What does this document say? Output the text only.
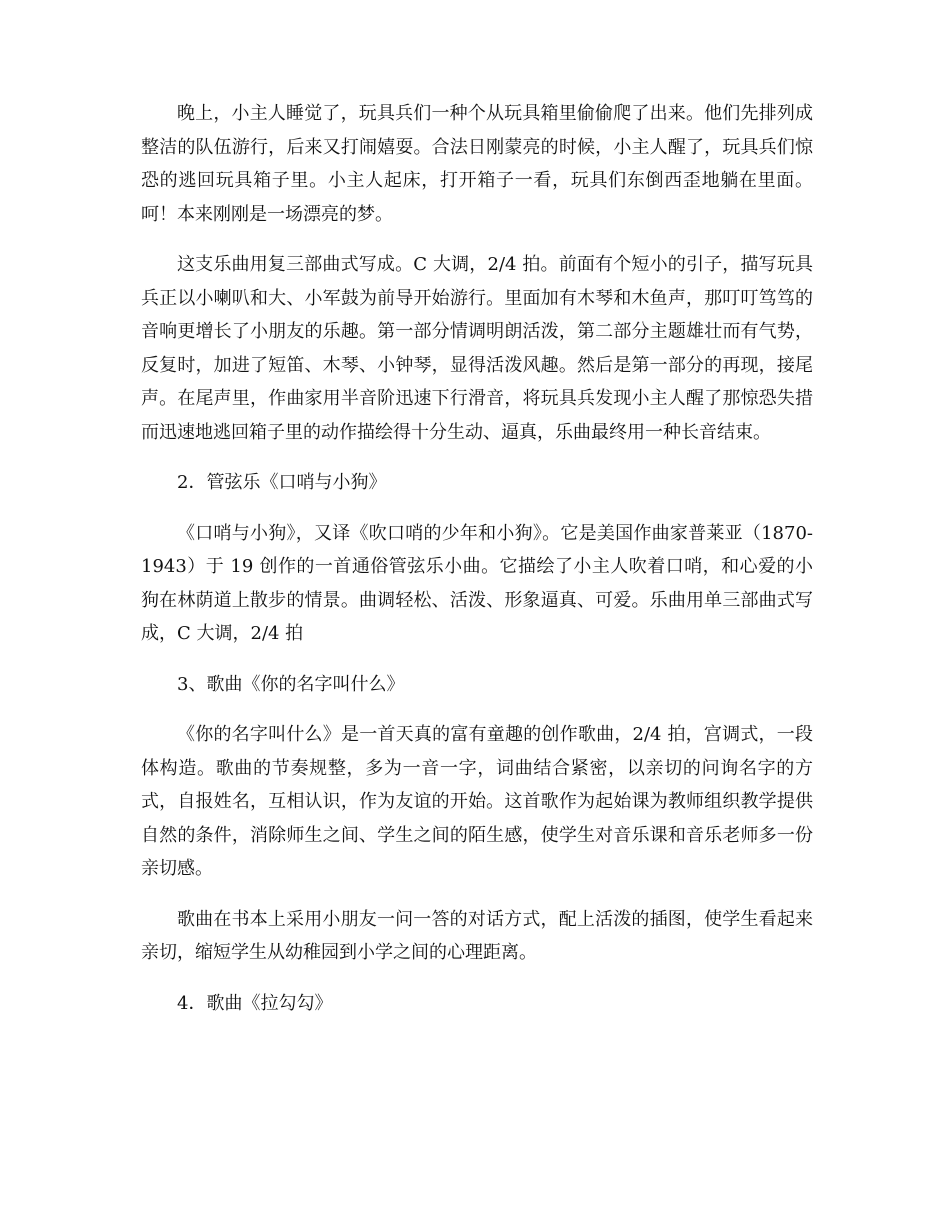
晚上，小主人睡觉了，玩具兵们一种个从玩具箱里偷偷爬了出来。他们先排列成整洁的队伍游行，后来又打闹嬉耍。合法日刚蒙亮的时候，小主人醒了，玩具兵们惊恐的逃回玩具箱子里。小主人起床，打开箱子一看，玩具们东倒西歪地躺在里面。呵！本来刚刚是一场漂亮的梦。

这支乐曲用复三部曲式写成。C 大调，2/4 拍。前面有个短小的引子，描写玩具兵正以小喇叭和大、小军鼓为前导开始游行。里面加有木琴和木鱼声，那叮叮笃笃的音响更增长了小朋友的乐趣。第一部分情调明朗活泼，第二部分主题雄壮而有气势，反复时，加进了短笛、木琴、小钟琴，显得活泼风趣。然后是第一部分的再现，接尾声。在尾声里，作曲家用半音阶迅速下行滑音，将玩具兵发现小主人醒了那惊恐失措而迅速地逃回箱子里的动作描绘得十分生动、逼真，乐曲最终用一种长音结束。

2．管弦乐《口哨与小狗》

《口哨与小狗》，又译《吹口哨的少年和小狗》。它是美国作曲家普莱亚（1870-1943）于 19 创作的一首通俗管弦乐小曲。它描绘了小主人吹着口哨，和心爱的小狗在林荫道上散步的情景。曲调轻松、活泼、形象逼真、可爱。乐曲用单三部曲式写成，C 大调，2/4 拍

3、歌曲《你的名字叫什么》

《你的名字叫什么》是一首天真的富有童趣的创作歌曲，2/4 拍，宫调式，一段体构造。歌曲的节奏规整，多为一音一字，词曲结合紧密，以亲切的问询名字的方式，自报姓名，互相认识，作为友谊的开始。这首歌作为起始课为教师组织教学提供自然的条件，消除师生之间、学生之间的陌生感，使学生对音乐课和音乐老师多一份亲切感。

歌曲在书本上采用小朋友一问一答的对话方式，配上活泼的插图，使学生看起来亲切，缩短学生从幼稚园到小学之间的心理距离。

4．歌曲《拉勾勾》
